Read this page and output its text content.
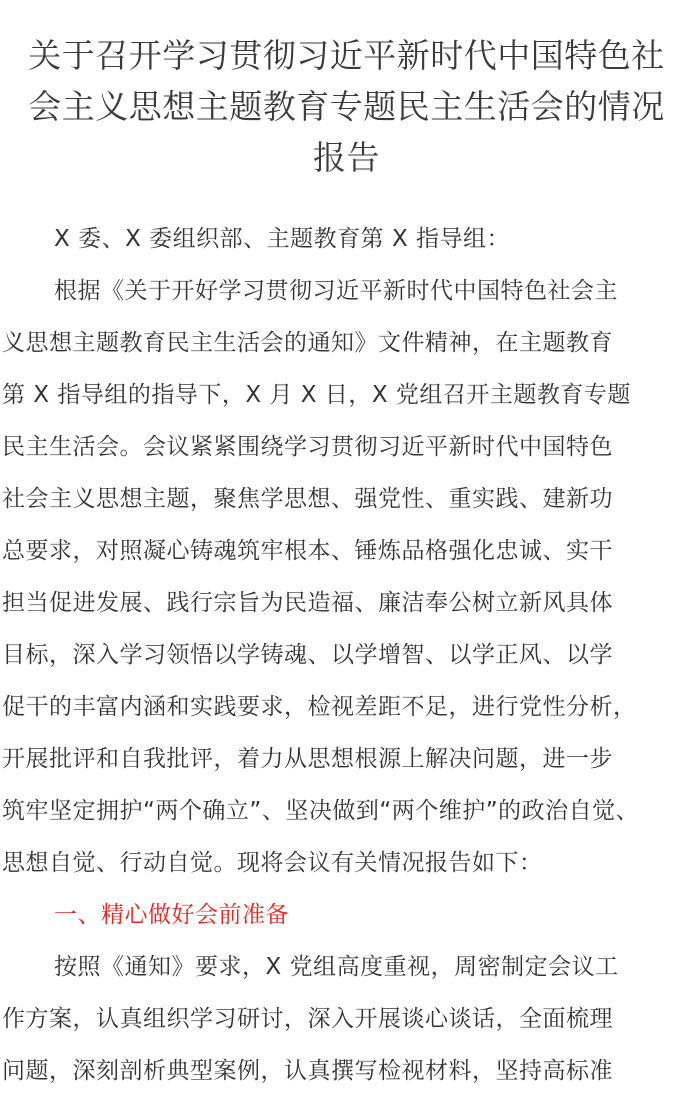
关于召开学习贯彻习近平新时代中国特色社
会主义思想主题教育专题民主生活会的情况
报告

X 委、X 委组织部、主题教育第 X 指导组：

根据《关于开好学习贯彻习近平新时代中国特色社会主
义思想主题教育民主生活会的通知》文件精神，在主题教育
第 X 指导组的指导下，X 月 X 日，X 党组召开主题教育专题
民主生活会。会议紧紧围绕学习贯彻习近平新时代中国特色
社会主义思想主题，聚焦学思想、强党性、重实践、建新功
总要求，对照凝心铸魂筑牢根本、锤炼品格强化忠诚、实干
担当促进发展、践行宗旨为民造福、廉洁奉公树立新风具体
目标，深入学习领悟以学铸魂、以学增智、以学正风、以学
促干的丰富内涵和实践要求，检视差距不足，进行党性分析，
开展批评和自我批评，着力从思想根源上解决问题，进一步
筑牢坚定拥护“两个确立”、坚决做到“两个维护”的政治自觉、
思想自觉、行动自觉。现将会议有关情况报告如下：

一、精心做好会前准备

按照《通知》要求，X 党组高度重视，周密制定会议工
作方案，认真组织学习研讨，深入开展谈心谈话，全面梳理
问题，深刻剖析典型案例，认真撰写检视材料，坚持高标准
